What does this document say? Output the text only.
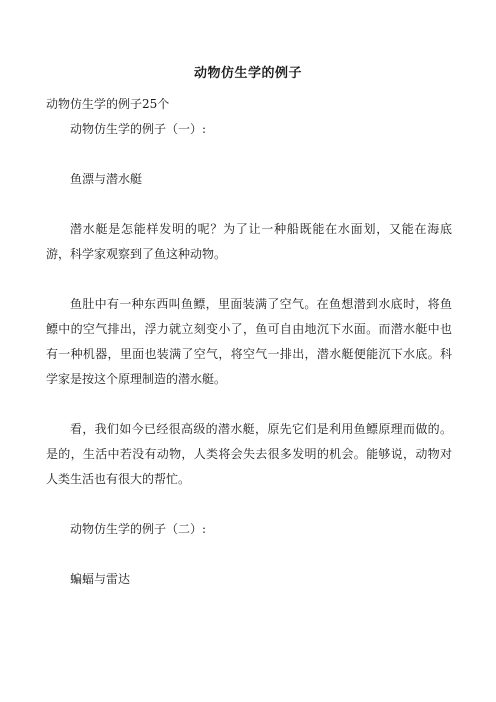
动物仿生学的例子

动物仿生学的例子25个

动物仿生学的例子（一）:

鱼漂与潜水艇

潜水艇是怎能样发明的呢？为了让一种船既能在水面划，又能在海底游，科学家观察到了鱼这种动物。

鱼肚中有一种东西叫鱼鳔，里面装满了空气。在鱼想潜到水底时，将鱼鳔中的空气排出，浮力就立刻变小了，鱼可自由地沉下水面。而潜水艇中也有一种机器，里面也装满了空气，将空气一排出，潜水艇便能沉下水底。科学家是按这个原理制造的潜水艇。

看，我们如今已经很高级的潜水艇，原先它们是利用鱼鳔原理而做的。是的，生活中若没有动物，人类将会失去很多发明的机会。能够说，动物对人类生活也有很大的帮忙。

动物仿生学的例子（二）:

蝙蝠与雷达
